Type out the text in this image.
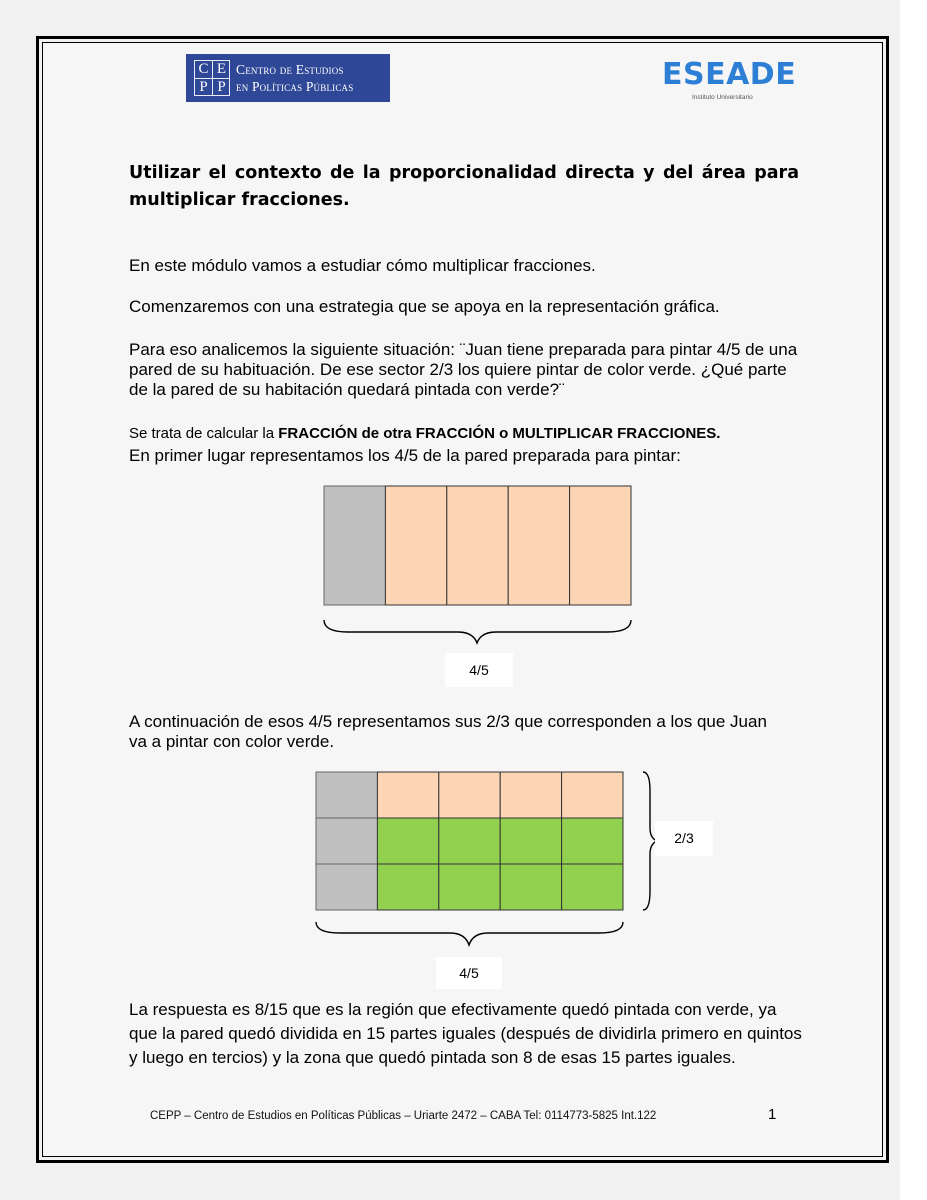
C E
P P
Centro de Estudios
en Políticas Públicas	ESEADE
Instituto Universitario
Utilizar el contexto de la proporcionalidad directa y del área para multiplicar fracciones.
En este módulo vamos a estudiar cómo multiplicar fracciones.
Comenzaremos con una estrategia que se apoya en la representación gráfica.
Para eso analicemos la siguiente situación: ¨Juan tiene preparada para pintar 4/5 de una pared de su habituación. De ese sector 2/3 los quiere pintar de color verde. ¿Qué parte de la pared de su habitación quedará pintada con verde?¨
Se trata de calcular la FRACCIÓN de otra FRACCIÓN o MULTIPLICAR FRACCIONES.
En primer lugar representamos los 4/5 de la pared preparada para pintar:
4/5
A continuación de esos 4/5 representamos sus 2/3 que corresponden a los que Juan va a pintar con color verde.
2/3
4/5
La respuesta es 8/15 que es la región que efectivamente quedó pintada con verde, ya que la pared quedó dividida en 15 partes iguales (después de dividirla primero en quintos y luego en tercios) y la zona que quedó pintada son 8 de esas 15 partes iguales.
CEPP – Centro de Estudios en Políticas Públicas – Uriarte 2472 – CABA Tel: 0114773-5825 Int.122	1
